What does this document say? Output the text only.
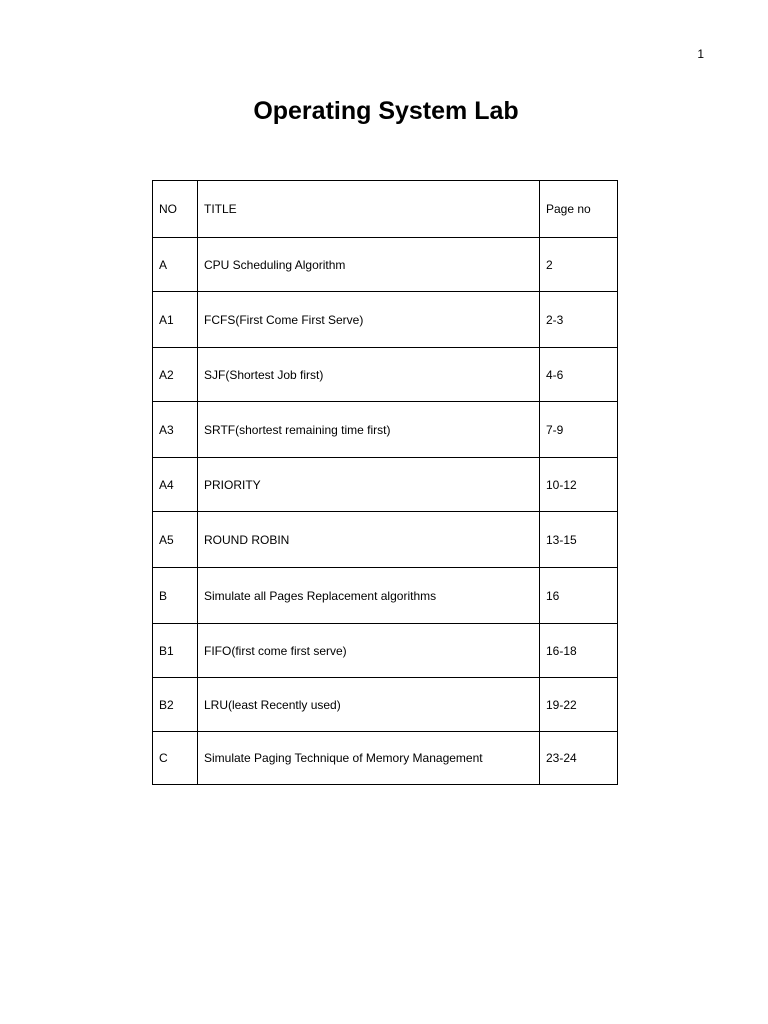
1
Operating System Lab
NO	TITLE	Page no
A	CPU Scheduling Algorithm	2
A1	FCFS(First Come First Serve)	2-3
A2	SJF(Shortest Job first)	4-6
A3	SRTF(shortest remaining time first)	7-9
A4	PRIORITY	10-12
A5	ROUND ROBIN	13-15
B	Simulate all Pages Replacement algorithms	16
B1	FIFO(first come first serve)	16-18
B2	LRU(least Recently used)	19-22
C	Simulate Paging Technique of Memory Management	23-24
